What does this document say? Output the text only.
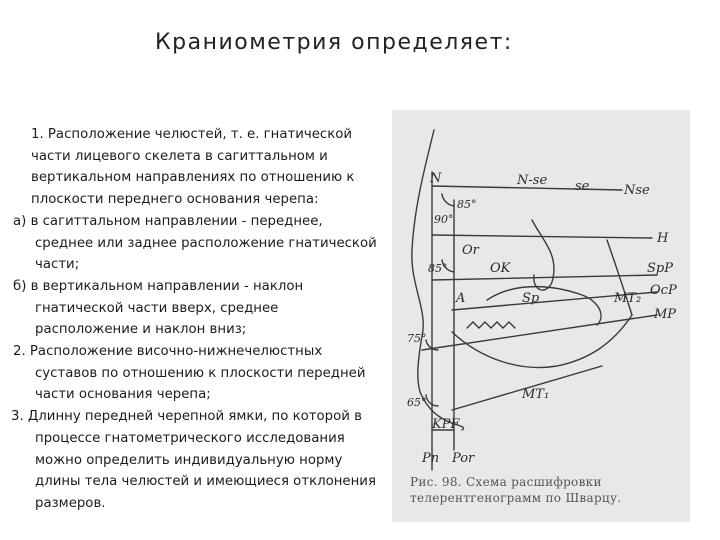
Краниометрия определяет:

1. Расположение челюстей, т. е. гнатической части лицевого скелета в сагиттальном и вертикальном направлениях по отношению к плоскости переднего основания черепа:

а) в сагиттальном направлении - переднее, среднее или заднее расположение гнатической части;

б) в вертикальном направлении - наклон гнатической части вверх, среднее расположение и наклон вниз;

2. Расположение височно-нижнечелюстных суставов по отношению к плоскости передней части основания черепа;

3. Длинну передней черепной ямки, по которой в процессе гнатометрического исследования можно определить индивидуальную норму длины тела челюстей и имеющиеся отклонения размеров.

N	N-se se	Nse
85°
90°
Or
H
85°	OK	SpP
A	Sp	MT₂
OcP
MP
75°
65°
MT₁
KPF
Pn Por
Рис. 98. Схема расшифровки телерентгенограмм по Шварцу.
